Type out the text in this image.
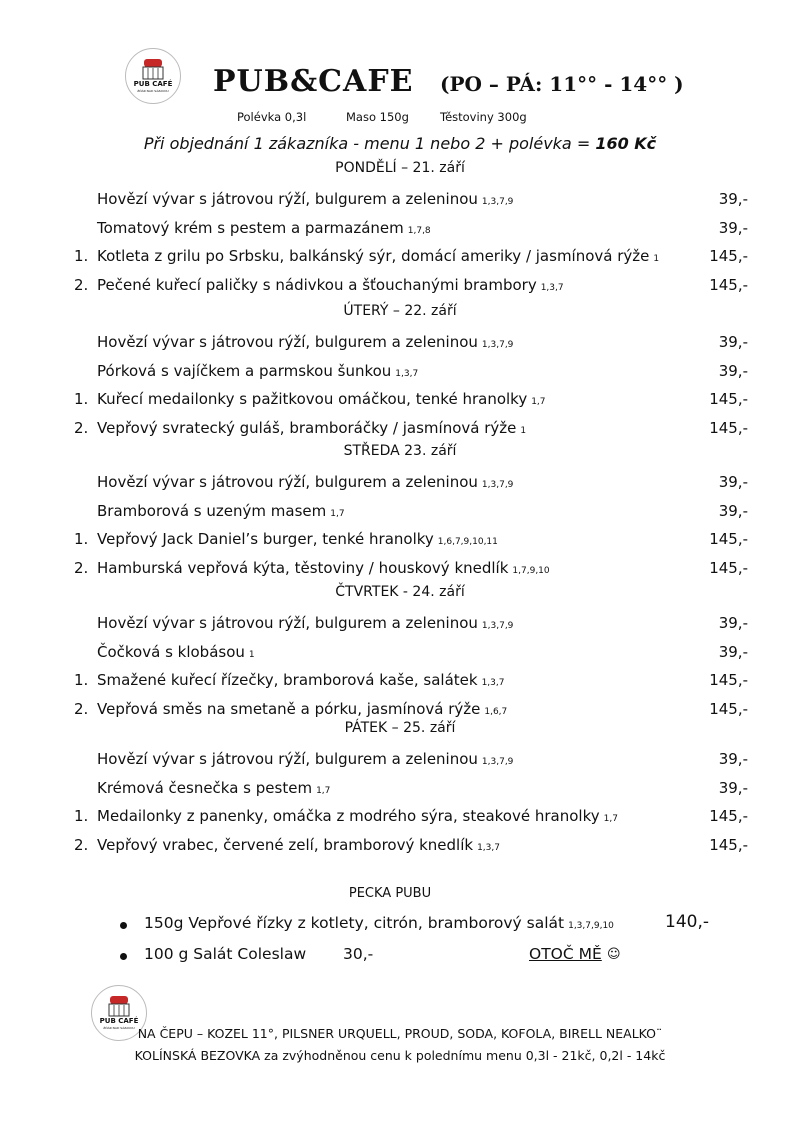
PUB CAFÉ
ŽĎÁR NAD SÁZAVOU	PUB&CAFE (PO – PÁ: 11°° - 14°° )
Polévka 0,3l	Maso 150g	Těstoviny 300g
Při objednání 1 zákazníka - menu 1 nebo 2 + polévka = 160 Kč
PONDĚLÍ – 21. září
Hovězí vývar s játrovou rýží, bulgurem a zeleninou 1,3,7,9	39,-
Tomatový krém s pestem a parmazánem 1,7,8	39,-
1. Kotleta z grilu po Srbsku, balkánský sýr, domácí ameriky / jasmínová rýže 1	145,-
2. Pečené kuřecí paličky s nádivkou a šťouchanými brambory 1,3,7	145,-
ÚTERÝ – 22. září
Hovězí vývar s játrovou rýží, bulgurem a zeleninou 1,3,7,9	39,-
Pórková s vajíčkem a parmskou šunkou 1,3,7	39,-
1. Kuřecí medailonky s pažitkovou omáčkou, tenké hranolky 1,7	145,-
2. Vepřový svratecký guláš, bramboráčky / jasmínová rýže 1	145,-
STŘEDA 23. září
Hovězí vývar s játrovou rýží, bulgurem a zeleninou 1,3,7,9	39,-
Bramborová s uzeným masem 1,7	39,-
1. Vepřový Jack Daniel’s burger, tenké hranolky 1,6,7,9,10,11	145,-
2. Hamburská vepřová kýta, těstoviny / houskový knedlík 1,7,9,10	145,-
ČTVRTEK - 24. září
Hovězí vývar s játrovou rýží, bulgurem a zeleninou 1,3,7,9	39,-
Čočková s klobásou 1	39,-
1. Smažené kuřecí řízečky, bramborová kaše, salátek 1,3,7	145,-
2. Vepřová směs na smetaně a pórku, jasmínová rýže 1,6,7	145,-
PÁTEK – 25. září
Hovězí vývar s játrovou rýží, bulgurem a zeleninou 1,3,7,9	39,-
Krémová česnečka s pestem 1,7	39,-
1. Medailonky z panenky, omáčka z modrého sýra, steakové hranolky 1,7	145,-
2. Vepřový vrabec, červené zelí, bramborový knedlík 1,3,7	145,-
PECKA PUBU
150g Vepřové řízky z kotlety, citrón, bramborový salát 1,3,7,9,10	140,-
100 g Salát Coleslaw 30,-	OTOČ MĚ ☺
PUB CAFÉ
ŽĎÁR NAD SÁZAVOU NA ČEPU – KOZEL 11°, PILSNER URQUELL, PROUD, SODA, KOFOLA, BIRELL NEALKO¨
KOLÍNSKÁ BEZOVKA za zvýhodněnou cenu k polednímu menu 0,3l - 21kč, 0,2l - 14kč
